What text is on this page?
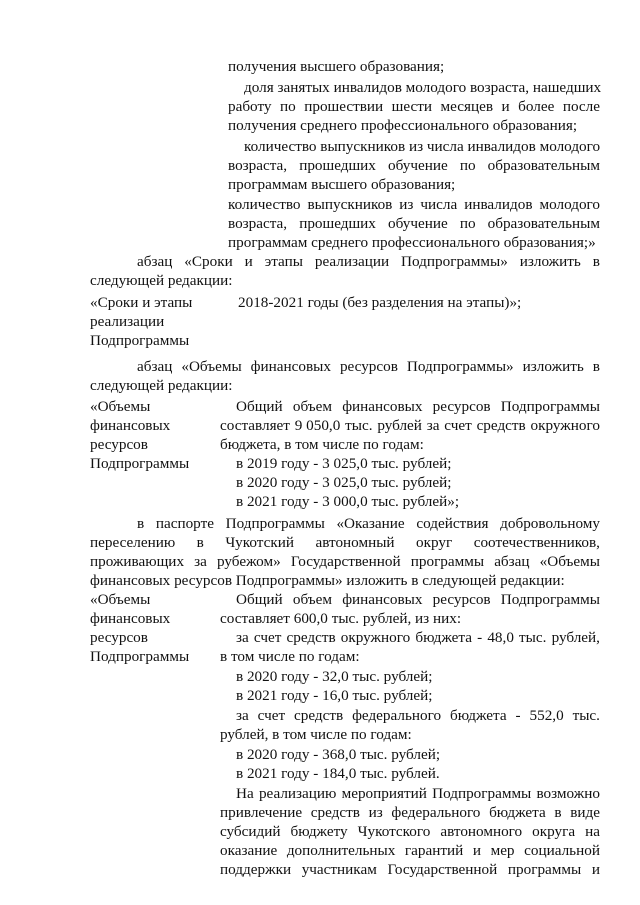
получения высшего образования;
доля занятых инвалидов молодого возраста, нашедших
работу по прошествии шести месяцев и более после
получения среднего профессионального образования;
количество выпускников из числа инвалидов молодого
возраста, прошедших обучение по образовательным
программам высшего образования;
количество выпускников из числа инвалидов молодого
возраста, прошедших обучение по образовательным
программам среднего профессионального образования;»
абзац «Сроки и этапы реализации Подпрограммы» изложить в
следующей редакции:
«Сроки и этапы
реализации
Подпрограммы
2018-2021 годы (без разделения на этапы)»;
абзац «Объемы финансовых ресурсов Подпрограммы» изложить в
следующей редакции:
«Объемы
финансовых
ресурсов
Подпрограммы
Общий объем финансовых ресурсов Подпрограммы
составляет 9 050,0 тыс. рублей за счет средств окружного
бюджета, в том числе по годам:
в 2019 году - 3 025,0 тыс. рублей;
в 2020 году - 3 025,0 тыс. рублей;
в 2021 году - 3 000,0 тыс. рублей»;
в паспорте Подпрограммы «Оказание содействия добровольному
переселению в Чукотский автономный округ соотечественников,
проживающих за рубежом» Государственной программы абзац «Объемы
финансовых ресурсов Подпрограммы» изложить в следующей редакции:
«Объемы
финансовых
ресурсов
Подпрограммы
Общий объем финансовых ресурсов Подпрограммы
составляет 600,0 тыс. рублей, из них:
за счет средств окружного бюджета - 48,0 тыс. рублей,
в том числе по годам:
в 2020 году - 32,0 тыс. рублей;
в 2021 году - 16,0 тыс. рублей;
за счет средств федерального бюджета - 552,0 тыс.
рублей, в том числе по годам:
в 2020 году - 368,0 тыс. рублей;
в 2021 году - 184,0 тыс. рублей.
На реализацию мероприятий Подпрограммы возможно
привлечение средств из федерального бюджета в виде
субсидий бюджету Чукотского автономного округа на
оказание дополнительных гарантий и мер социальной
поддержки участникам Государственной программы и
